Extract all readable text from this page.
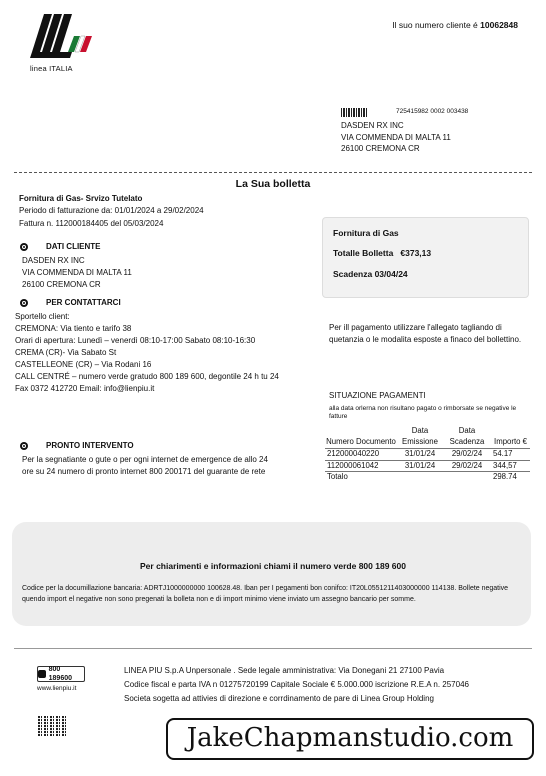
linea ITALIA
Il suo numero cliente é 10062848
725415982 0002 003438
DASDEN RX INC
VIA COMMENDA DI MALTA 11
26100 CREMONA CR
La Sua bolletta
Fornitura di Gas- Srvizo Tutelato
Periodo di fatturazione da: 01/01/2024 a 29/02/2024
Fattura n. 112000184405 del 05/03/2024
DATI CLIENTE
DASDEN RX INC
VIA COMMENDA DI MALTA 11
26100 CREMONA CR
PER CONTATTARCI
Sportello client:
CREMONA: Via tiento e tarifo 38
Orari di apertura: Lunedì – venerdì 08:10-17:00 Sabato 08:10-16:30
CREMA (CR)- Via Sabato St
CASTELLEONE (CR) – Via Rodani 16
CALL CENTRÉ – numero verde gratudo 800 189 600, degontile 24 h tu 24
Fax 0372 412720 Email: info@lienpiu.it
PRONTO INTERVENTO
Per la segnatiante o gute o per ogni internet de emergence de allo 24
ore su 24 numero di pronto internet 800 200171 del guarante de rete
Fornitura di Gas
Totalle Bolletta €373,13
Scadenza 03/04/24
Per ill pagamento utilizzare l'allegato tagliando di quetanzia o le modalita esposte a finaco del bollettino.
SITUAZIONE PAGAMENTI
alla data orlerna non risultano pagato o rimborsate se negative le fatture
Numero Documento	Data Emissione	Data Scadenza	Importo €
212000040220	31/01/24	29/02/24	54.17
112000061042	31/01/24	29/02/24	344,57
Totalo			298.74
Per chiarimenti e informazioni chiami il numero verde 800 189 600
Codice per la documillazione bancaria: ADRTJ1000000000 100628.48. Iban per I pegamenti bon conifco: IT20L0551211403000000 114138. Bollete negative quendo import el negative non sono pregenati la bolleta non e di import minimo viene inviato um assegno bancario per somme.
800 189600
www.lienpiu.it
LINEA PIU S.p.A Unpersonale . Sede legale amministrativa: Via Donegani 21 27100 Pavia
Codice fiscal e parta IVA n 01275720199 Capitale Sociale € 5.000.000 iscrizione R.E.A n. 257046
Societa sogetta ad attivies di direzione e corrdinamento de pare di Linea Group Holding
JakeChapmanstudio.com
